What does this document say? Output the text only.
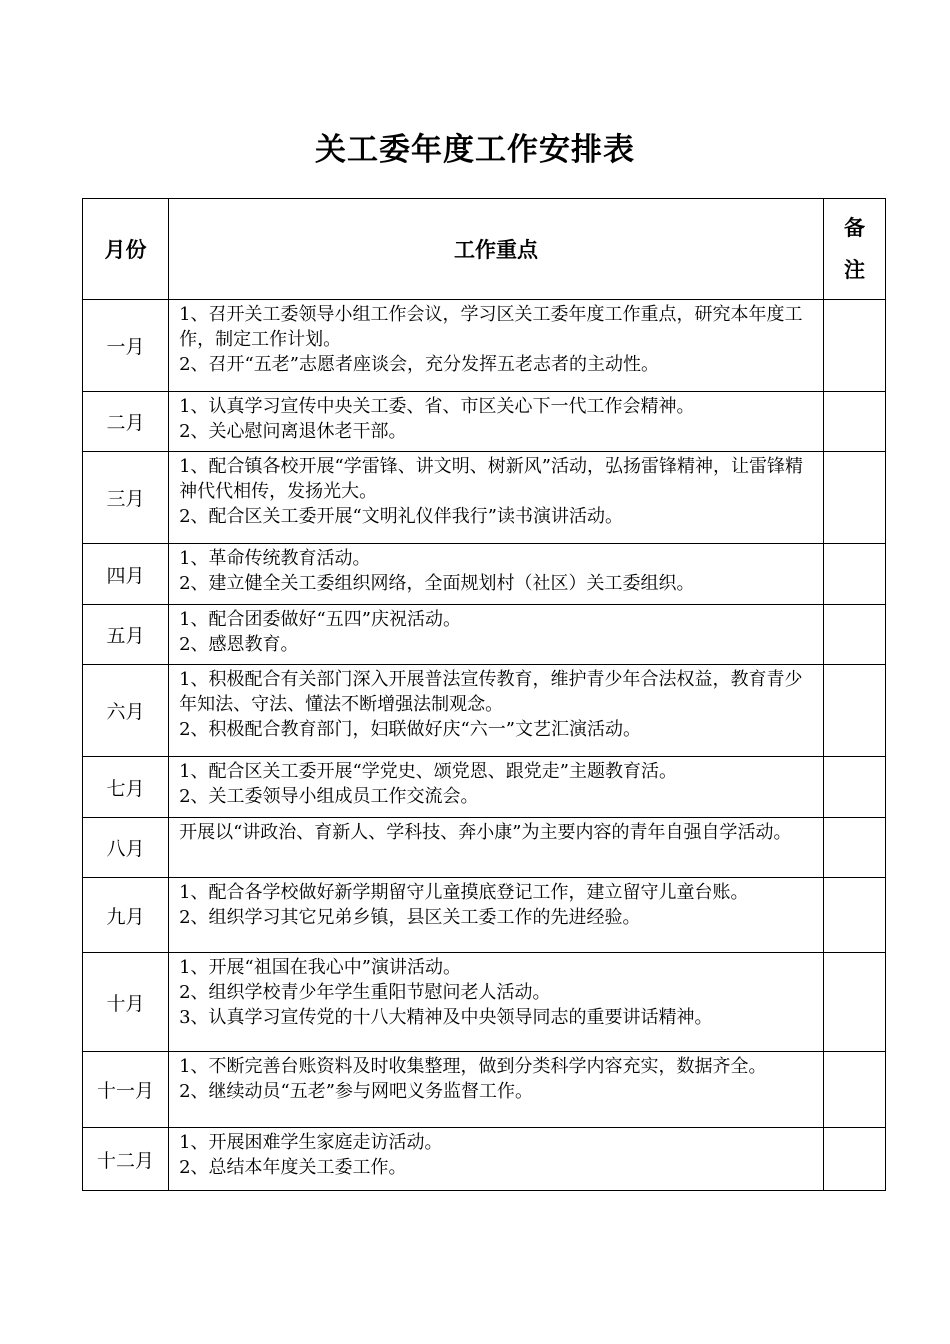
关工委年度工作安排表
月份	工作重点	备
注

一月	1、召开关工委领导小组工作会议，学习区关工委年度工作重点，研究本年度工作，制定工作计划。
2、召开“五老”志愿者座谈会，充分发挥五老志者的主动性。	

二月	1、认真学习宣传中央关工委、省、市区关心下一代工作会精神。
2、关心慰问离退休老干部。	

三月	1、配合镇各校开展“学雷锋、讲文明、树新风”活动，弘扬雷锋精神，让雷锋精神代代相传，发扬光大。
2、配合区关工委开展“文明礼仪伴我行”读书演讲活动。	

四月	1、革命传统教育活动。
2、建立健全关工委组织网络，全面规划村（社区）关工委组织。	

五月	1、配合团委做好“五四”庆祝活动。
2、感恩教育。	

六月	1、积极配合有关部门深入开展普法宣传教育，维护青少年合法权益，教育青少年知法、守法、懂法不断增强法制观念。
2、积极配合教育部门，妇联做好庆“六一”文艺汇演活动。	

七月	1、配合区关工委开展“学党史、颂党恩、跟党走”主题教育活。
2、关工委领导小组成员工作交流会。	

八月	开展以“讲政治、育新人、学科技、奔小康”为主要内容的青年自强自学活动。	

九月	1、配合各学校做好新学期留守儿童摸底登记工作，建立留守儿童台账。
2、组织学习其它兄弟乡镇，县区关工委工作的先进经验。	

十月	1、开展“祖国在我心中”演讲活动。
2、组织学校青少年学生重阳节慰问老人活动。
3、认真学习宣传党的十八大精神及中央领导同志的重要讲话精神。	

十一月	1、不断完善台账资料及时收集整理，做到分类科学内容充实，数据齐全。
2、继续动员“五老”参与网吧义务监督工作。	

十二月	1、开展困难学生家庭走访活动。
2、总结本年度关工委工作。	
